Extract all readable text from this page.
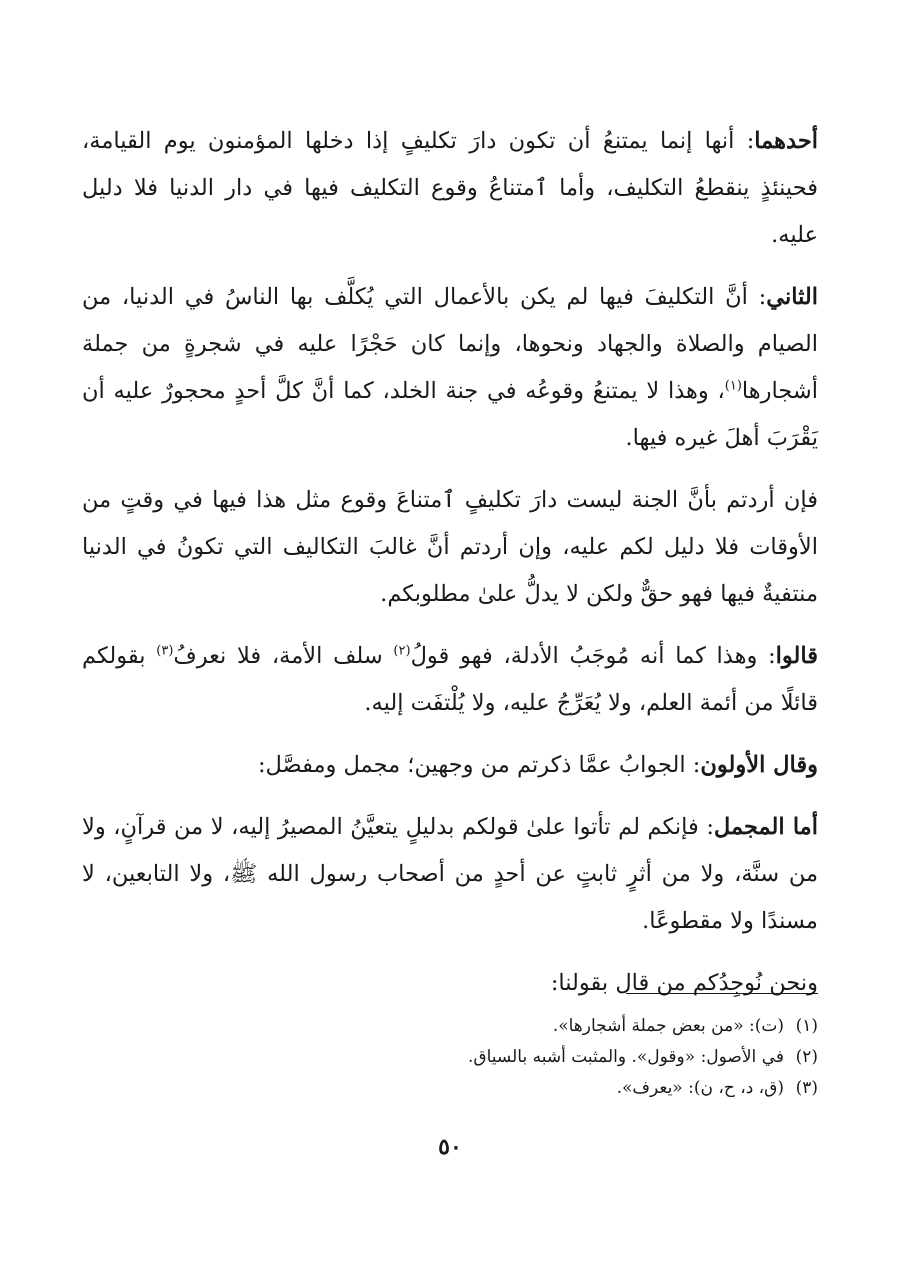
أحدهما: أنها إنما يمتنعُ أن تكون دارَ تكليفٍ إذا دخلها المؤمنون يوم القيامة، فحينئذٍ ينقطعُ التكليف، وأما ٱمتناعُ وقوع التكليف فيها في دار الدنيا فلا دليل عليه.

الثاني: أنَّ التكليفَ فيها لم يكن بالأعمال التي يُكلَّف بها الناسُ في الدنيا، من الصيام والصلاة والجهاد ونحوها، وإنما كان حَجْرًا عليه في شجرةٍ من جملة أشجارها$^{(١)}$، وهذا لا يمتنعُ وقوعُه في جنة الخلد، كما أنَّ كلَّ أحدٍ محجورٌ عليه أن يَقْرَبَ أهلَ غيره فيها.

فإن أردتم بأنَّ الجنة ليست دارَ تكليفٍ ٱمتناعَ وقوع مثل هذا فيها في وقتٍ من الأوقات فلا دليل لكم عليه، وإن أردتم أنَّ غالبَ التكاليف التي تكونُ في الدنيا منتفيةٌ فيها فهو حقٌّ ولكن لا يدلُّ علىٰ مطلوبكم.

قالوا: وهذا كما أنه مُوجَبُ الأدلة، فهو قولُ$^{(٢)}$ سلف الأمة، فلا نعرفُ$^{(٣)}$ بقولكم قائلًا من أئمة العلم، ولا يُعَرِّجُ عليه، ولا يُلْتفَت إليه.

وقال الأولون: الجوابُ عمَّا ذكرتم من وجهين؛ مجمل ومفصَّل:

أما المجمل: فإنكم لم تأتوا علىٰ قولكم بدليلٍ يتعيَّنُ المصيرُ إليه، لا من قرآنٍ، ولا من سنَّة، ولا من أثرٍ ثابتٍ عن أحدٍ من أصحاب رسول الله ﷺ، ولا التابعين، لا مسندًا ولا مقطوعًا.

ونحن نُوجِدُكم من قال بقولنا:

(١)(ت): «من بعض جملة أشجارها».

(٢)في الأصول: «وقول». والمثبت أشبه بالسياق.

(٣)(ق، د، ح، ن): «يعرف».

٥٠
